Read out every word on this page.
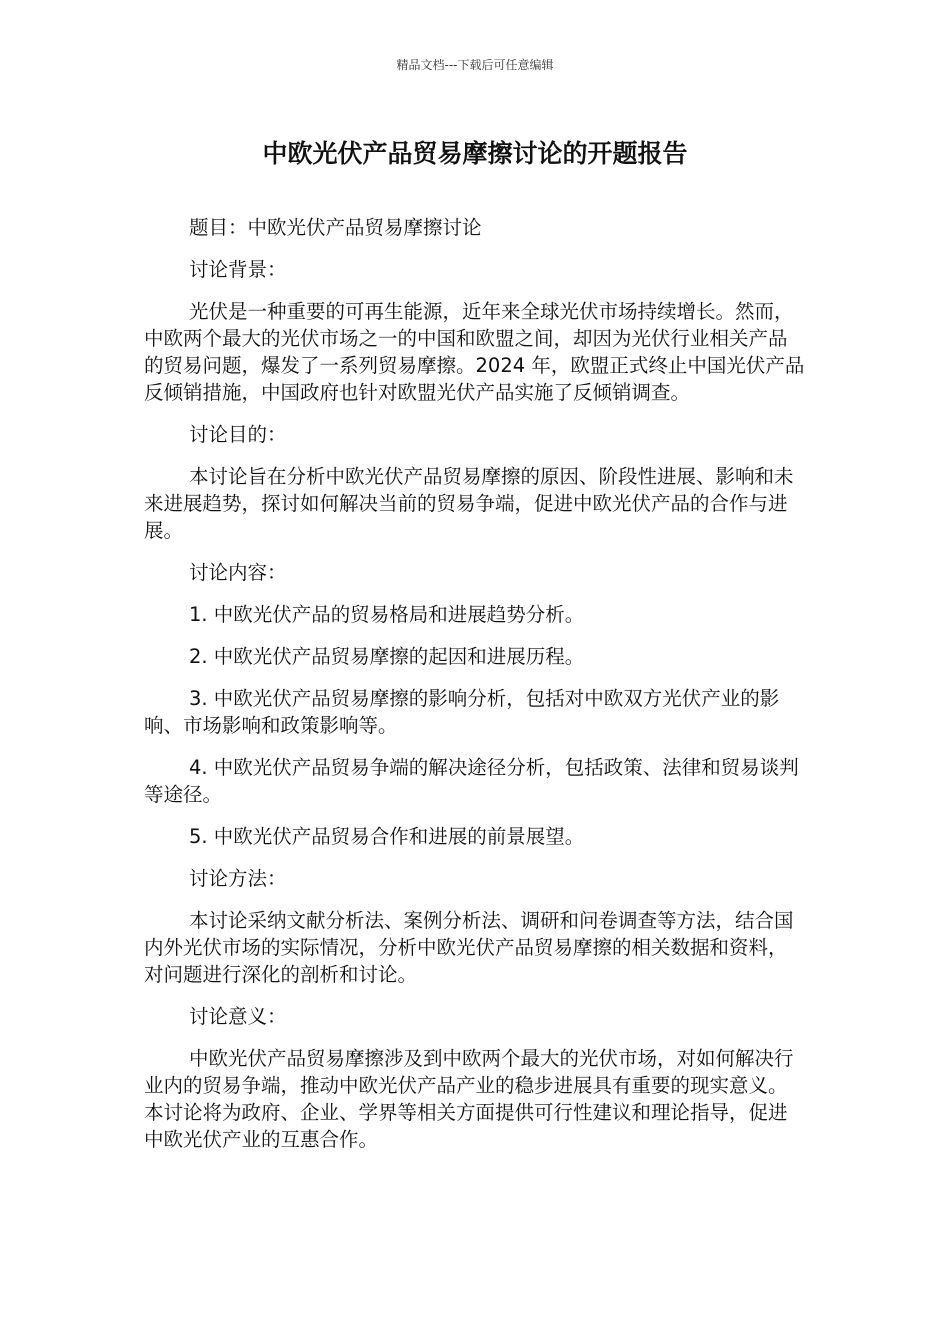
精品文档---下载后可任意编辑
中欧光伏产品贸易摩擦讨论的开题报告

题目：中欧光伏产品贸易摩擦讨论

讨论背景：

光伏是一种重要的可再生能源，近年来全球光伏市场持续增长。然而，中欧两个最大的光伏市场之一的中国和欧盟之间，却因为光伏行业相关产品的贸易问题，爆发了一系列贸易摩擦。2024 年，欧盟正式终止中国光伏产品反倾销措施，中国政府也针对欧盟光伏产品实施了反倾销调查。

讨论目的：

本讨论旨在分析中欧光伏产品贸易摩擦的原因、阶段性进展、影响和未来进展趋势，探讨如何解决当前的贸易争端，促进中欧光伏产品的合作与进展。

讨论内容：

1. 中欧光伏产品的贸易格局和进展趋势分析。

2. 中欧光伏产品贸易摩擦的起因和进展历程。

3. 中欧光伏产品贸易摩擦的影响分析，包括对中欧双方光伏产业的影响、市场影响和政策影响等。

4. 中欧光伏产品贸易争端的解决途径分析，包括政策、法律和贸易谈判等途径。

5. 中欧光伏产品贸易合作和进展的前景展望。

讨论方法：

本讨论采纳文献分析法、案例分析法、调研和问卷调查等方法，结合国内外光伏市场的实际情况，分析中欧光伏产品贸易摩擦的相关数据和资料，对问题进行深化的剖析和讨论。

讨论意义：

中欧光伏产品贸易摩擦涉及到中欧两个最大的光伏市场，对如何解决行业内的贸易争端，推动中欧光伏产品产业的稳步进展具有重要的现实意义。本讨论将为政府、企业、学界等相关方面提供可行性建议和理论指导，促进中欧光伏产业的互惠合作。
